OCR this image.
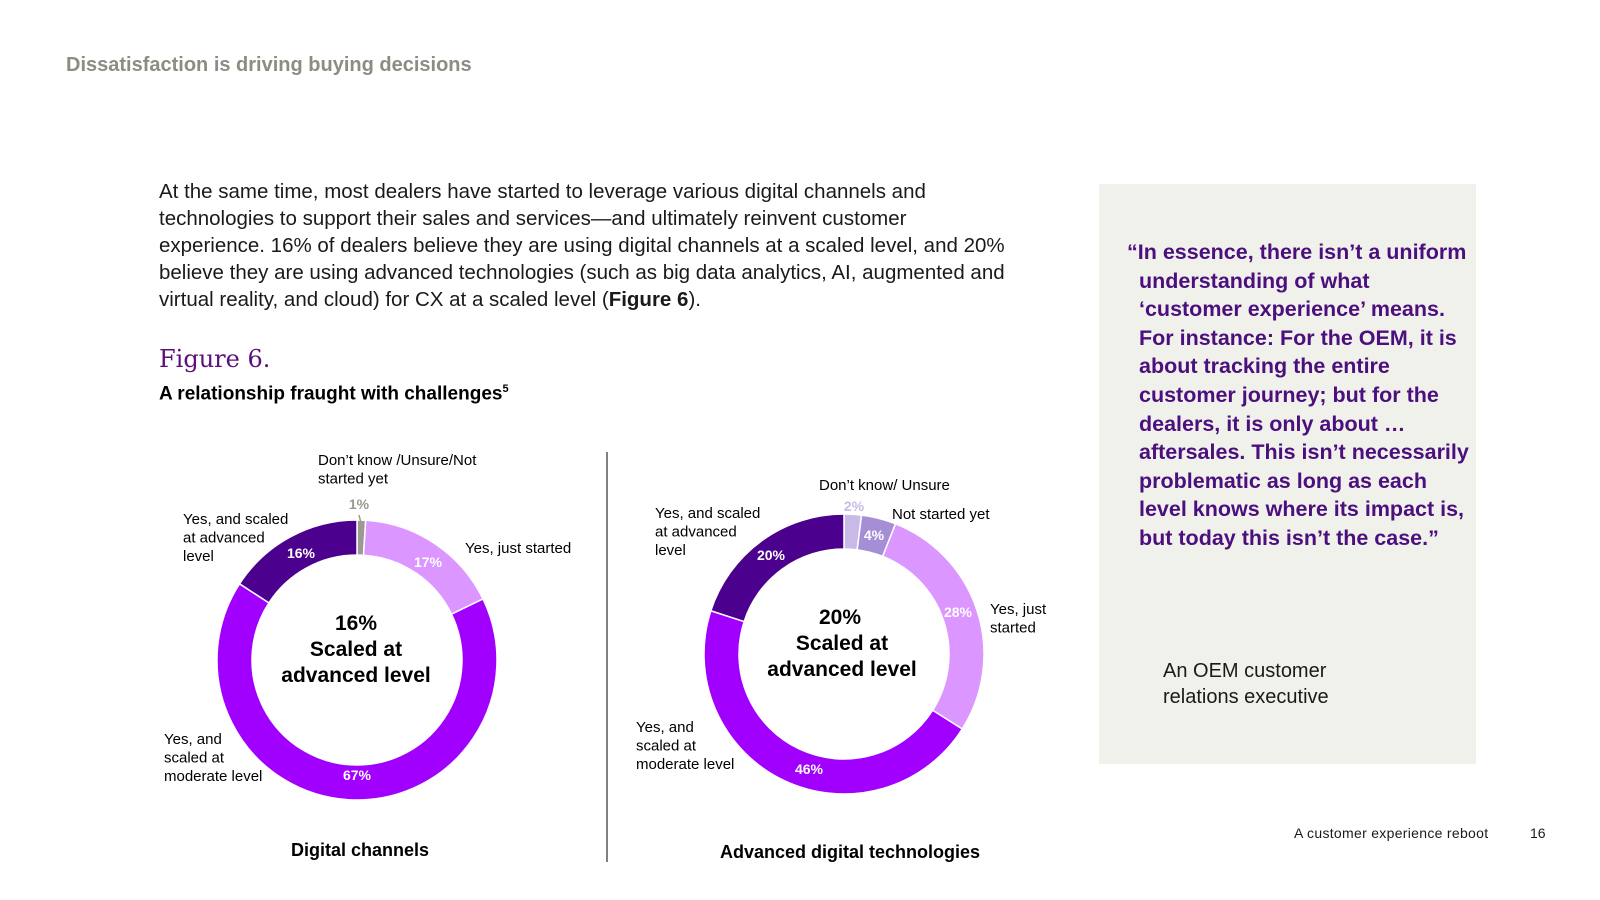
Dissatisfaction is driving buying decisions
At the same time, most dealers have started to leverage various digital channels and technologies to support their sales and services—and ultimately reinvent customer experience. 16% of dealers believe they are using digital channels at a scaled level, and 20% believe they are using advanced technologies (such as big data analytics, AI, augmented and virtual reality, and cloud) for CX at a scaled level (Figure 6).
Figure 6.
A relationship fraught with challenges$^5$
1%
17%
67%
16%
Don’t know /Unsure/Not started yet
Yes, just started
Yes, and scaled at moderate level
Yes, and scaled at advanced level
16%
Scaled at
advanced level
Digital channels
2%
4%
28%
46%
20%
Don’t know/ Unsure
Not started yet
Yes, just started
Yes, and scaled at moderate level
Yes, and scaled at advanced level
20%
Scaled at
advanced level
Advanced digital technologies
“In essence, there isn’t a uniform understanding of what ‘customer experience’ means. For instance: For the OEM, it is about tracking the entire customer journey; but for the dealers, it is only about … aftersales. This isn’t necessarily problematic as long as each level knows where its impact is, but today this isn’t the case.”
An OEM customer relations executive
A customer experience reboot	16
